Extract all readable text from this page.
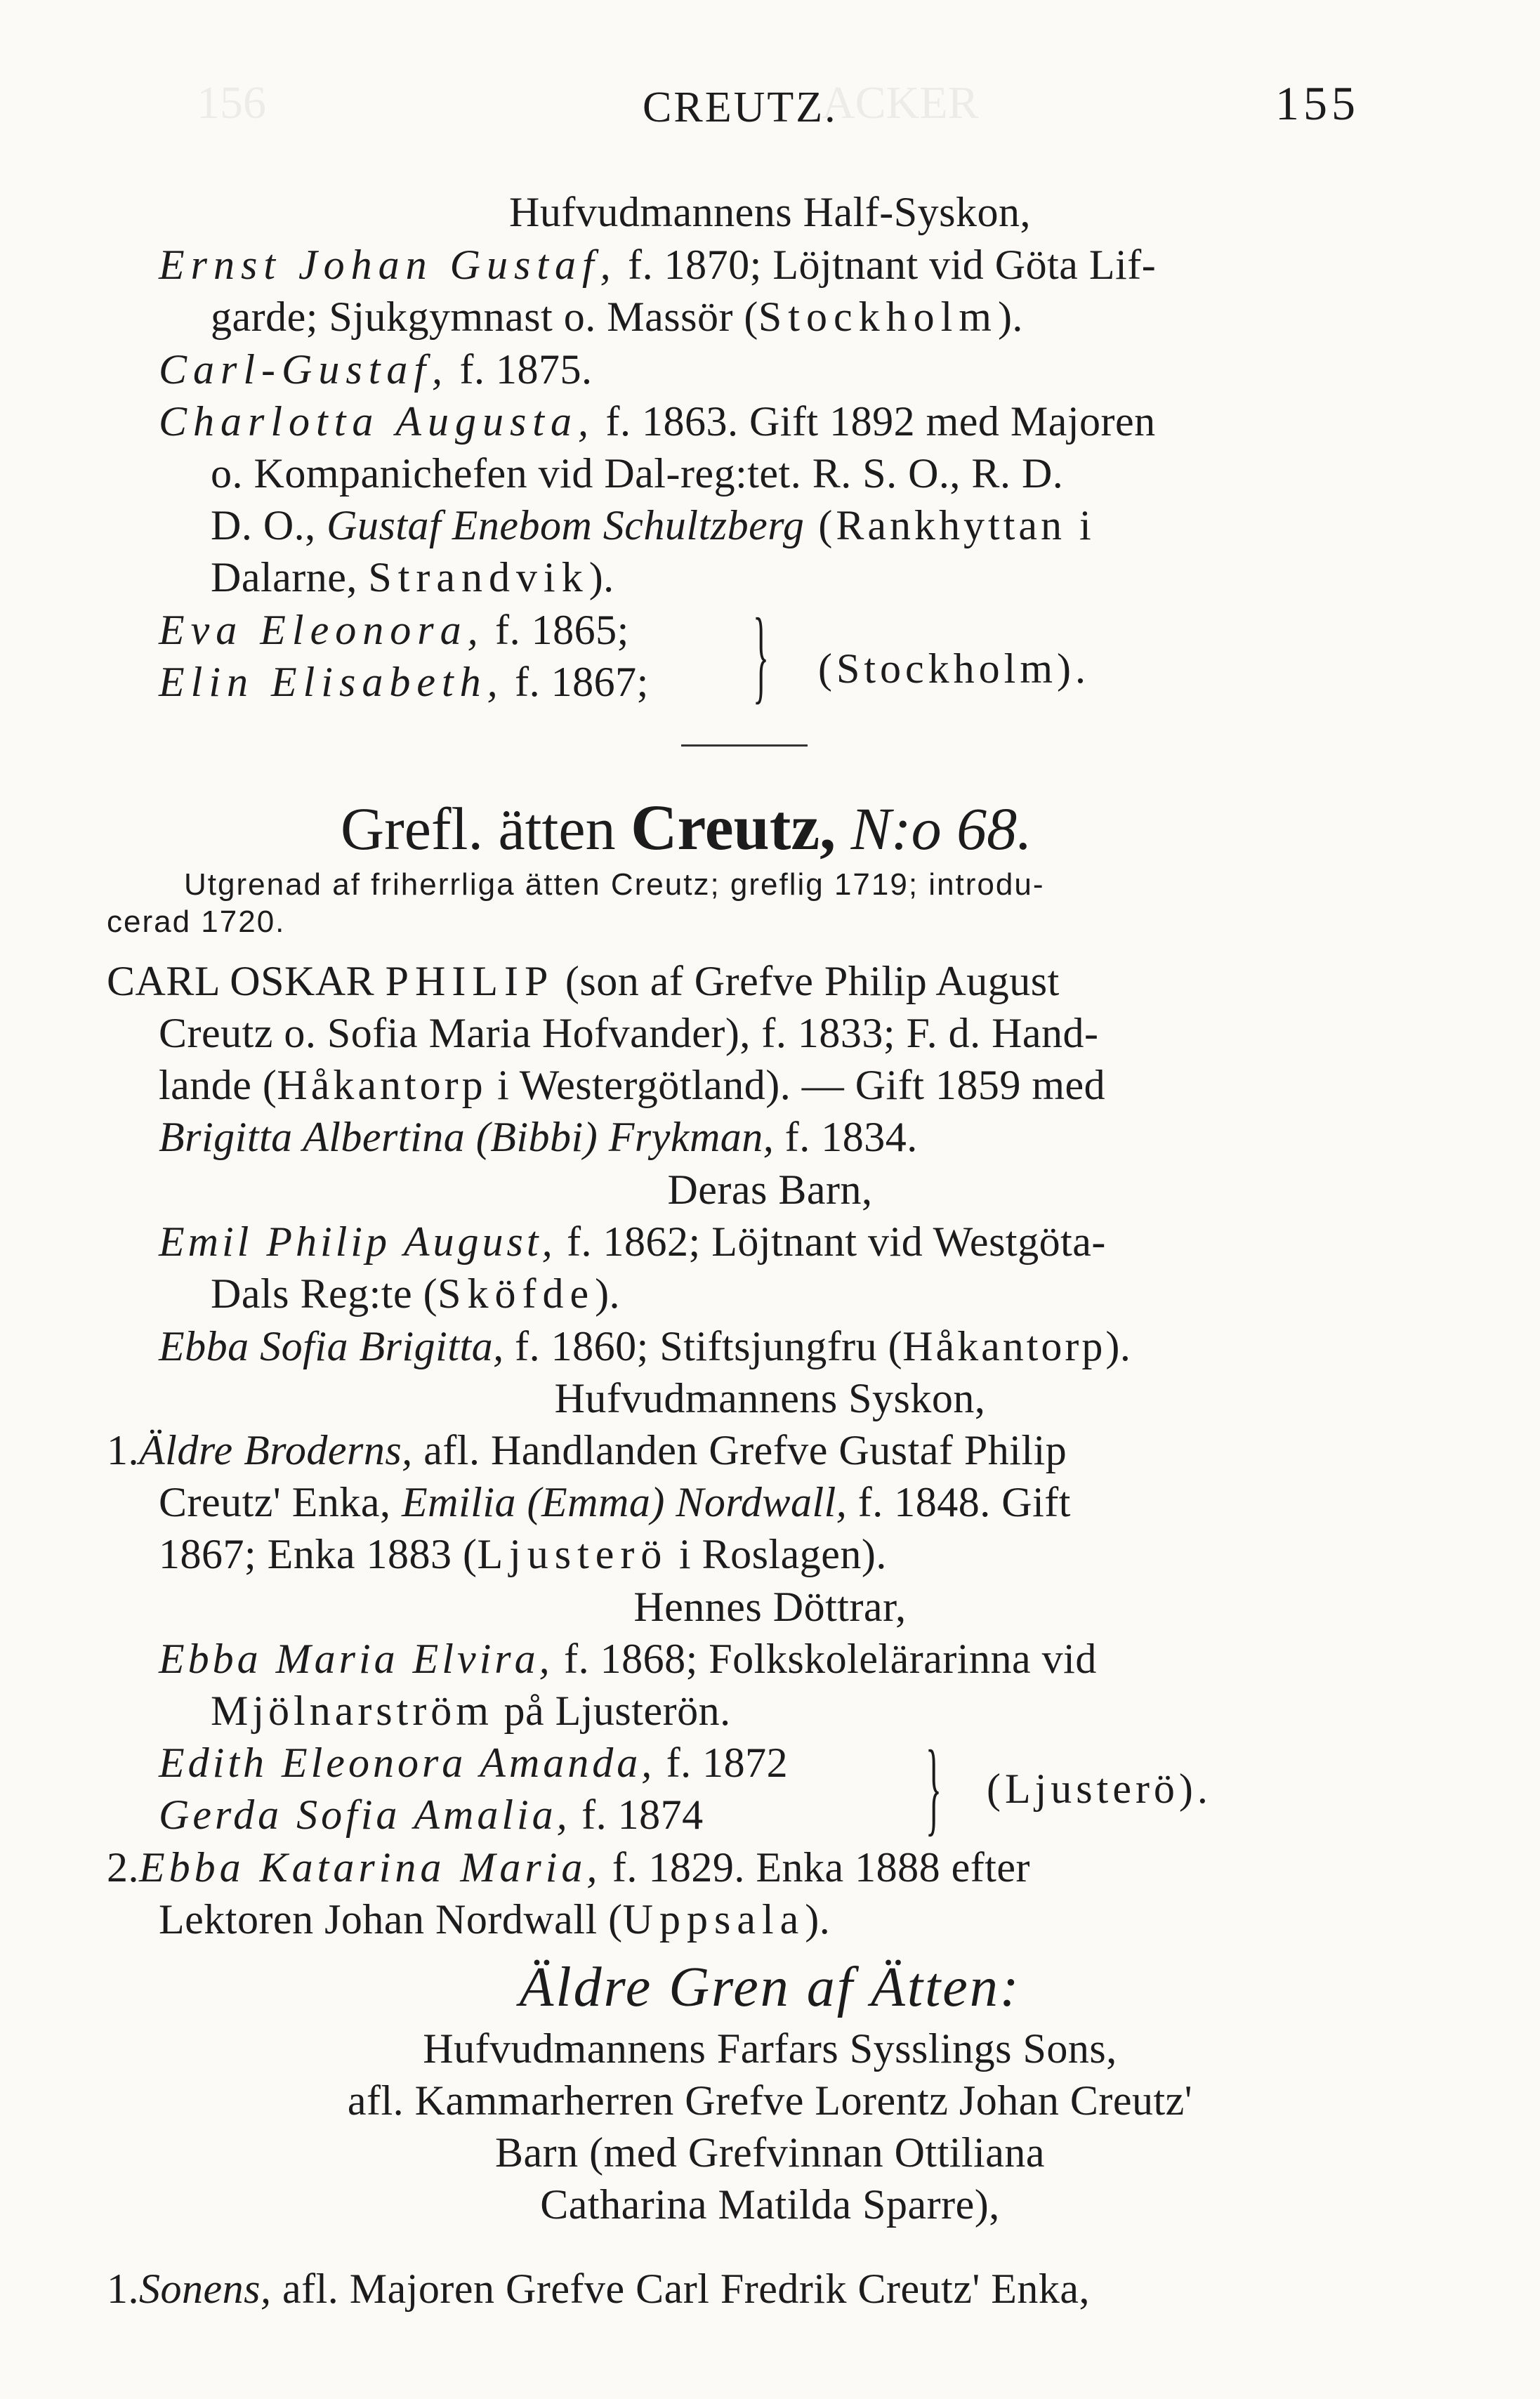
156	ACKER
CREUTZ.	155
Hufvudmannens Half-Syskon,
Ernst Johan Gustaf, f. 1870; Löjtnant vid Göta Lif-
garde; Sjukgymnast o. Massör (Stockholm).
Carl-Gustaf, f. 1875.
Charlotta Augusta, f. 1863. Gift 1892 med Majoren
o. Kompanichefen vid Dal-reg:tet. R. S. O., R. D.
D. O., Gustaf Enebom Schultzberg (Rankhyttan i
Dalarne, Strandvik).
Eva Eleonora, f. 1865;
Elin Elisabeth, f. 1867; } (Stockholm).
Grefl. ätten Creutz, N:o 68.
Utgrenad af friherrliga ätten Creutz; greflig 1719; introdu-
cerad 1720.
CARL OSKAR PHILIP (son af Grefve Philip August
Creutz o. Sofia Maria Hofvander), f. 1833; F. d. Hand-
lande (Håkantorp i Westergötland). — Gift 1859 med
Brigitta Albertina (Bibbi) Frykman, f. 1834.
Deras Barn,
Emil Philip August, f. 1862; Löjtnant vid Westgöta-
Dals Reg:te (Sköfde).
Ebba Sofia Brigitta, f. 1860; Stiftsjungfru (Håkantorp).
Hufvudmannens Syskon,
1.Äldre Broderns, afl. Handlanden Grefve Gustaf Philip
Creutz' Enka, Emilia (Emma) Nordwall, f. 1848. Gift
1867; Enka 1883 (Ljusterö i Roslagen).
Hennes Döttrar,
Ebba Maria Elvira, f. 1868; Folkskolelärarinna vid
Mjölnarström på Ljusterön.
Edith Eleonora Amanda, f. 1872
Gerda Sofia Amalia, f. 1874 } (Ljusterö).
2.Ebba Katarina Maria, f. 1829. Enka 1888 efter
Lektoren Johan Nordwall (Uppsala).
Äldre Gren af Ätten:
Hufvudmannens Farfars Sysslings Sons,
afl. Kammarherren Grefve Lorentz Johan Creutz'
Barn (med Grefvinnan Ottiliana
Catharina Matilda Sparre),
1.Sonens, afl. Majoren Grefve Carl Fredrik Creutz' Enka,
